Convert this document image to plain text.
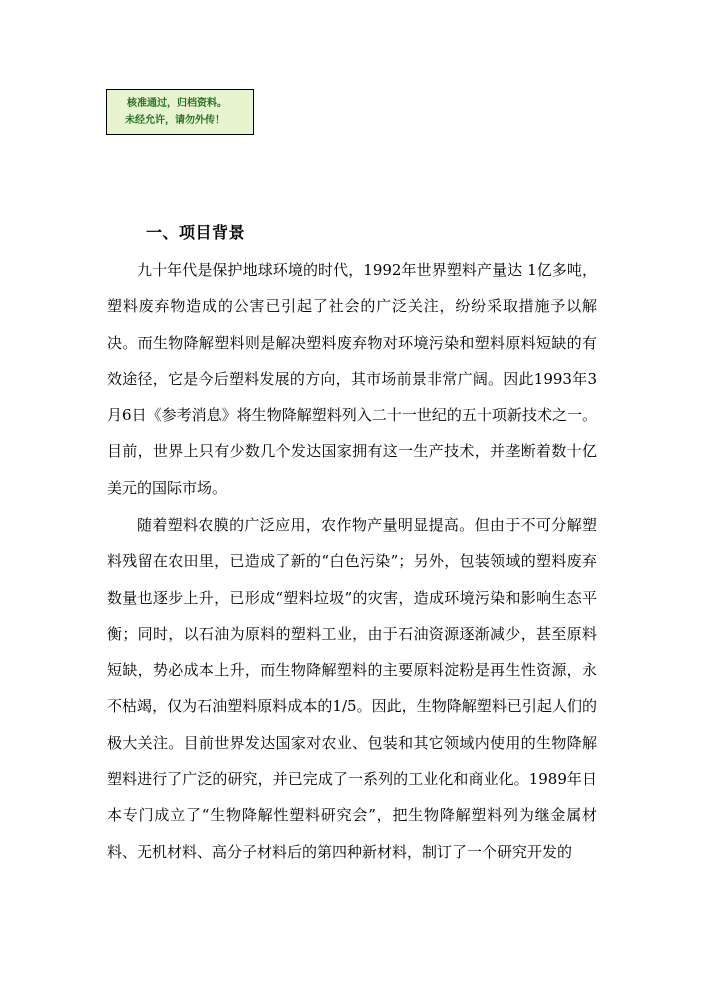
核准通过，归档资料。
未经允许，请勿外传！
一、项目背景

九十年代是保护地球环境的时代，1992年世界塑料产量达 1亿多吨，塑料废弃物造成的公害已引起了社会的广泛关注，纷纷采取措施予以解决。而生物降解塑料则是解决塑料废弃物对环境污染和塑料原料短缺的有效途径，它是今后塑料发展的方向，其市场前景非常广阔。因此1993年3月6日《参考消息》将生物降解塑料列入二十一世纪的五十项新技术之一。目前，世界上只有少数几个发达国家拥有这一生产技术，并垄断着数十亿美元的国际市场。

随着塑料农膜的广泛应用，农作物产量明显提高。但由于不可分解塑料残留在农田里，已造成了新的“白色污染”；另外，包装领域的塑料废弃数量也逐步上升，已形成“塑料垃圾”的灾害，造成环境污染和影响生态平衡；同时，以石油为原料的塑料工业，由于石油资源逐渐减少，甚至原料短缺，势必成本上升，而生物降解塑料的主要原料淀粉是再生性资源，永不枯竭，仅为石油塑料原料成本的1/5。因此，生物降解塑料已引起人们的极大关注。目前世界发达国家对农业、包装和其它领域内使用的生物降解塑料进行了广泛的研究，并已完成了一系列的工业化和商业化。1989年日本专门成立了“生物降解性塑料研究会”，把生物降解塑料列为继金属材料、无机材料、高分子材料后的第四种新材料，制订了一个研究开发的
